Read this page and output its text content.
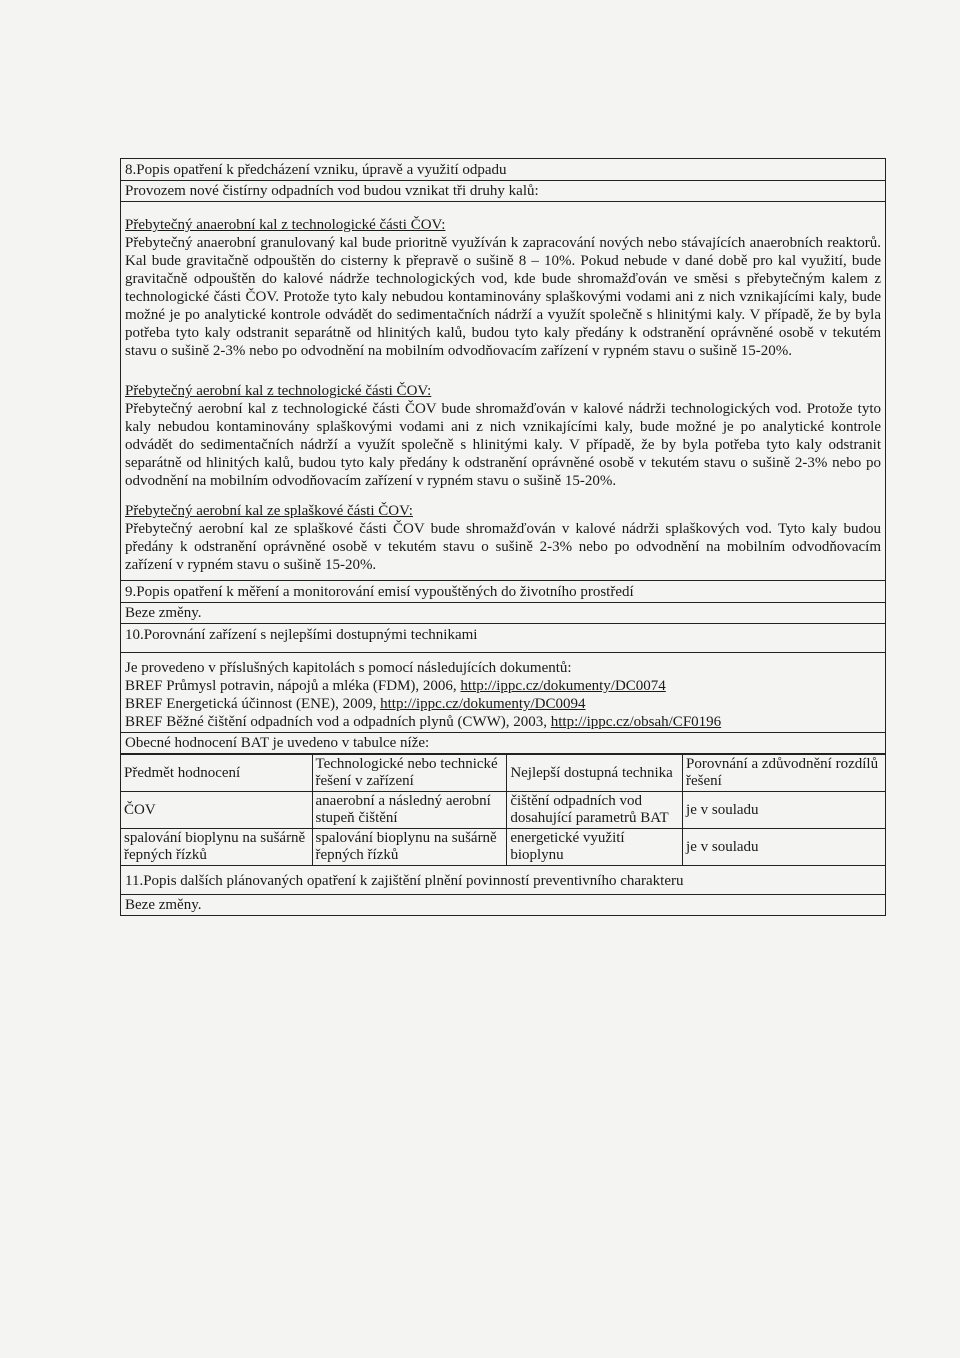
8.Popis opatření k předcházení vzniku, úpravě a využití odpadu
Provozem nové čistírny odpadních vod budou vznikat tři druhy kalů:
Přebytečný anaerobní kal z technologické části ČOV:
Přebytečný anaerobní granulovaný kal bude prioritně využíván k zapracování nových nebo stávajících anaerobních reaktorů. Kal bude gravitačně odpouštěn do cisterny k přepravě o sušině 8 – 10%. Pokud nebude v dané době pro kal využití, bude gravitačně odpouštěn do kalové nádrže technologických vod, kde bude shromažďován ve směsi s přebytečným kalem z technologické části ČOV. Protože tyto kaly nebudou kontaminovány splaškovými vodami ani z nich vznikajícími kaly, bude možné je po analytické kontrole odvádět do sedimentačních nádrží a využít společně s hlinitými kaly. V případě, že by byla potřeba tyto kaly odstranit separátně od hlinitých kalů, budou tyto kaly předány k odstranění oprávněné osobě v tekutém stavu o sušině 2-3% nebo po odvodnění na mobilním odvodňovacím zařízení v rypném stavu o sušině 15-20%.
Přebytečný aerobní kal z technologické části ČOV:
Přebytečný aerobní kal z technologické části ČOV bude shromažďován v kalové nádrži technologických vod. Protože tyto kaly nebudou kontaminovány splaškovými vodami ani z nich vznikajícími kaly, bude možné je po analytické kontrole odvádět do sedimentačních nádrží a využít společně s hlinitými kaly. V případě, že by byla potřeba tyto kaly odstranit separátně od hlinitých kalů, budou tyto kaly předány k odstranění oprávněné osobě v tekutém stavu o sušině 2-3% nebo po odvodnění na mobilním odvodňovacím zařízení v rypném stavu o sušině 15-20%.
Přebytečný aerobní kal ze splaškové části ČOV:
Přebytečný aerobní kal ze splaškové části ČOV bude shromažďován v kalové nádrži splaškových vod. Tyto kaly budou předány k odstranění oprávněné osobě v tekutém stavu o sušině 2-3% nebo po odvodnění na mobilním odvodňovacím zařízení v rypném stavu o sušině 15-20%.
9.Popis opatření k měření a monitorování emisí vypouštěných do životního prostředí
Beze změny.
10.Porovnání zařízení s nejlepšími dostupnými technikami
Je provedeno v příslušných kapitolách s pomocí následujících dokumentů:
BREF Průmysl potravin, nápojů a mléka (FDM), 2006, http://ippc.cz/dokumenty/DC0074
BREF Energetická účinnost (ENE), 2009, http://ippc.cz/dokumenty/DC0094
BREF Běžné čištění odpadních vod a odpadních plynů (CWW), 2003, http://ippc.cz/obsah/CF0196
Obecné hodnocení BAT je uvedeno v tabulce níže:
Předmět hodnocení	Technologické nebo technické řešení v zařízení	Nejlepší dostupná technika	Porovnání a zdůvodnění rozdílů řešení
ČOV	anaerobní a následný aerobní stupeň čištění	čištění odpadních vod dosahující parametrů BAT	je v souladu
spalování bioplynu na sušárně řepných řízků	spalování bioplynu na sušárně řepných řízků	energetické využití bioplynu	je v souladu
11.Popis dalších plánovaných opatření k zajištění plnění povinností preventivního charakteru
Beze změny.
